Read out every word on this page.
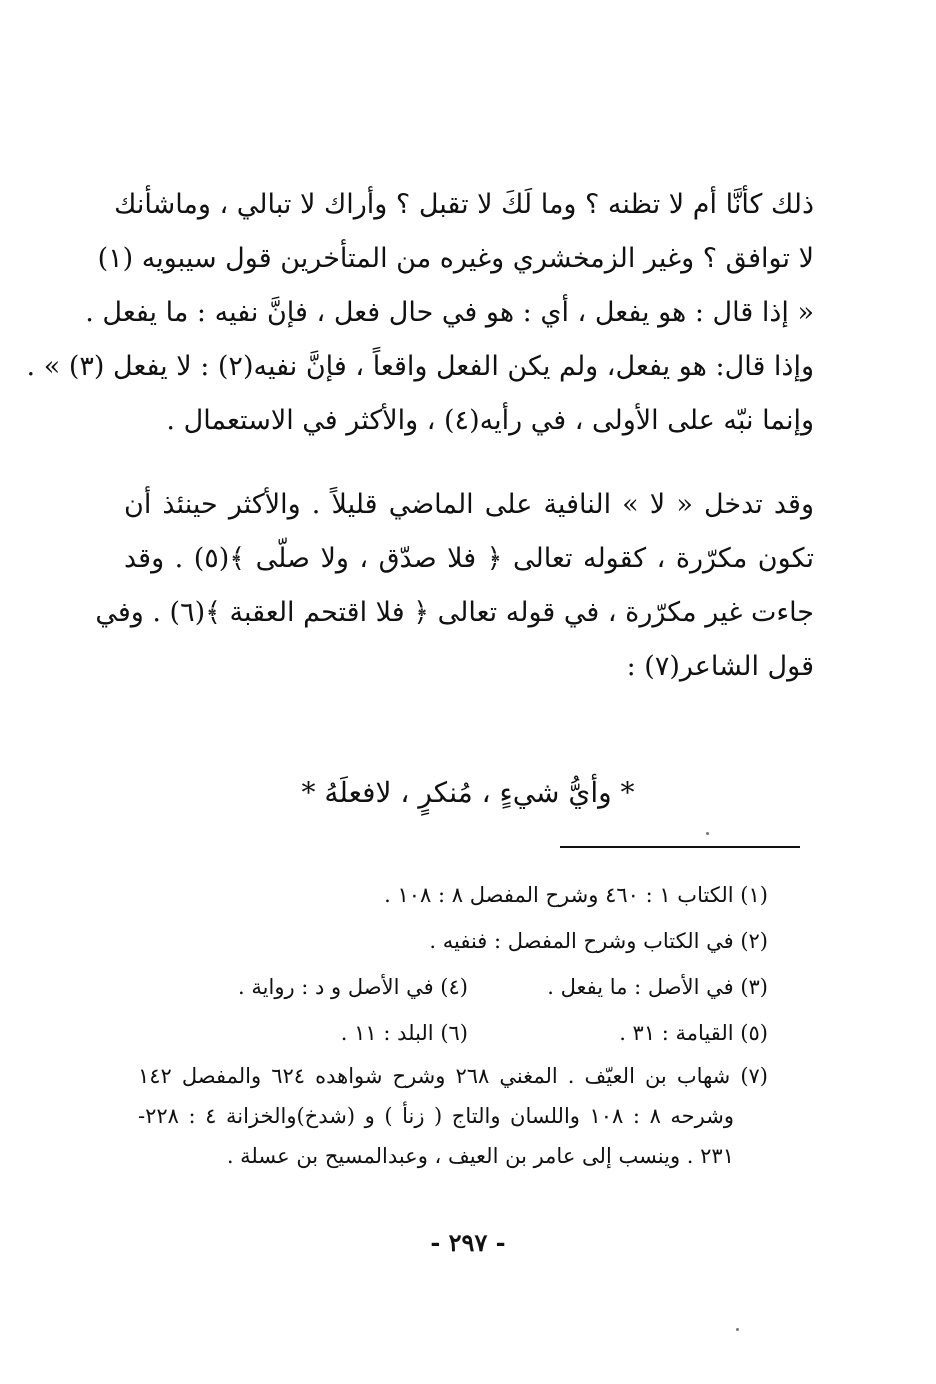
ذلك كأنَّا أم لا تظنه ؟ وما لَكَ لا تقبل ؟ وأراك لا تبالي ، وماشأنك
لا توافق ؟ وغير الزمخشري وغيره من المتأخرين قول سيبويه (١)
« إذا قال : هو يفعل ، أي : هو في حال فعل ، فإنَّ نفيه : ما يفعل .
وإذا قال: هو يفعل، ولم يكن الفعل واقعاً ، فإنَّ نفيه(٢) : لا يفعل (٣) » .
وإنما نبّه على الأولى ، في رأيه(٤) ، والأكثر في الاستعمال .
وقد تدخل « لا » النافية على الماضي قليلاً . والأكثر حينئذ أن
تكون مكرّرة ، كقوله تعالى ﴿ فلا صدّق ، ولا صلّى ﴾(٥) . وقد
جاءت غير مكرّرة ، في قوله تعالى ﴿ فلا اقتحم العقبة ﴾(٦) . وفي
قول الشاعر(٧) :
* وأيُّ شيءٍ ، مُنكرٍ ، لافعلَهُ *
(١) الكتاب ١ : ٤٦٠ وشرح المفصل ٨ : ١٠٨ .
(٢) في الكتاب وشرح المفصل : فنفيه .
(٣) في الأصل : ما يفعل .
(٤) في الأصل و د : رواية .
(٥) القيامة : ٣١ .
(٦) البلد : ١١ .
(٧) شهاب بن العيّف . المغني ٢٦٨ وشرح شواهده ٦٢٤ والمفصل ١٤٢
وشرحه ٨ : ١٠٨ واللسان والتاج ( زنأ ) و (شدخ)والخزانة ٤ : ٢٢٨-
٢٣١ . وينسب إلى عامر بن العيف ، وعبدالمسيح بن عسلة .
- ٢٩٧ -
